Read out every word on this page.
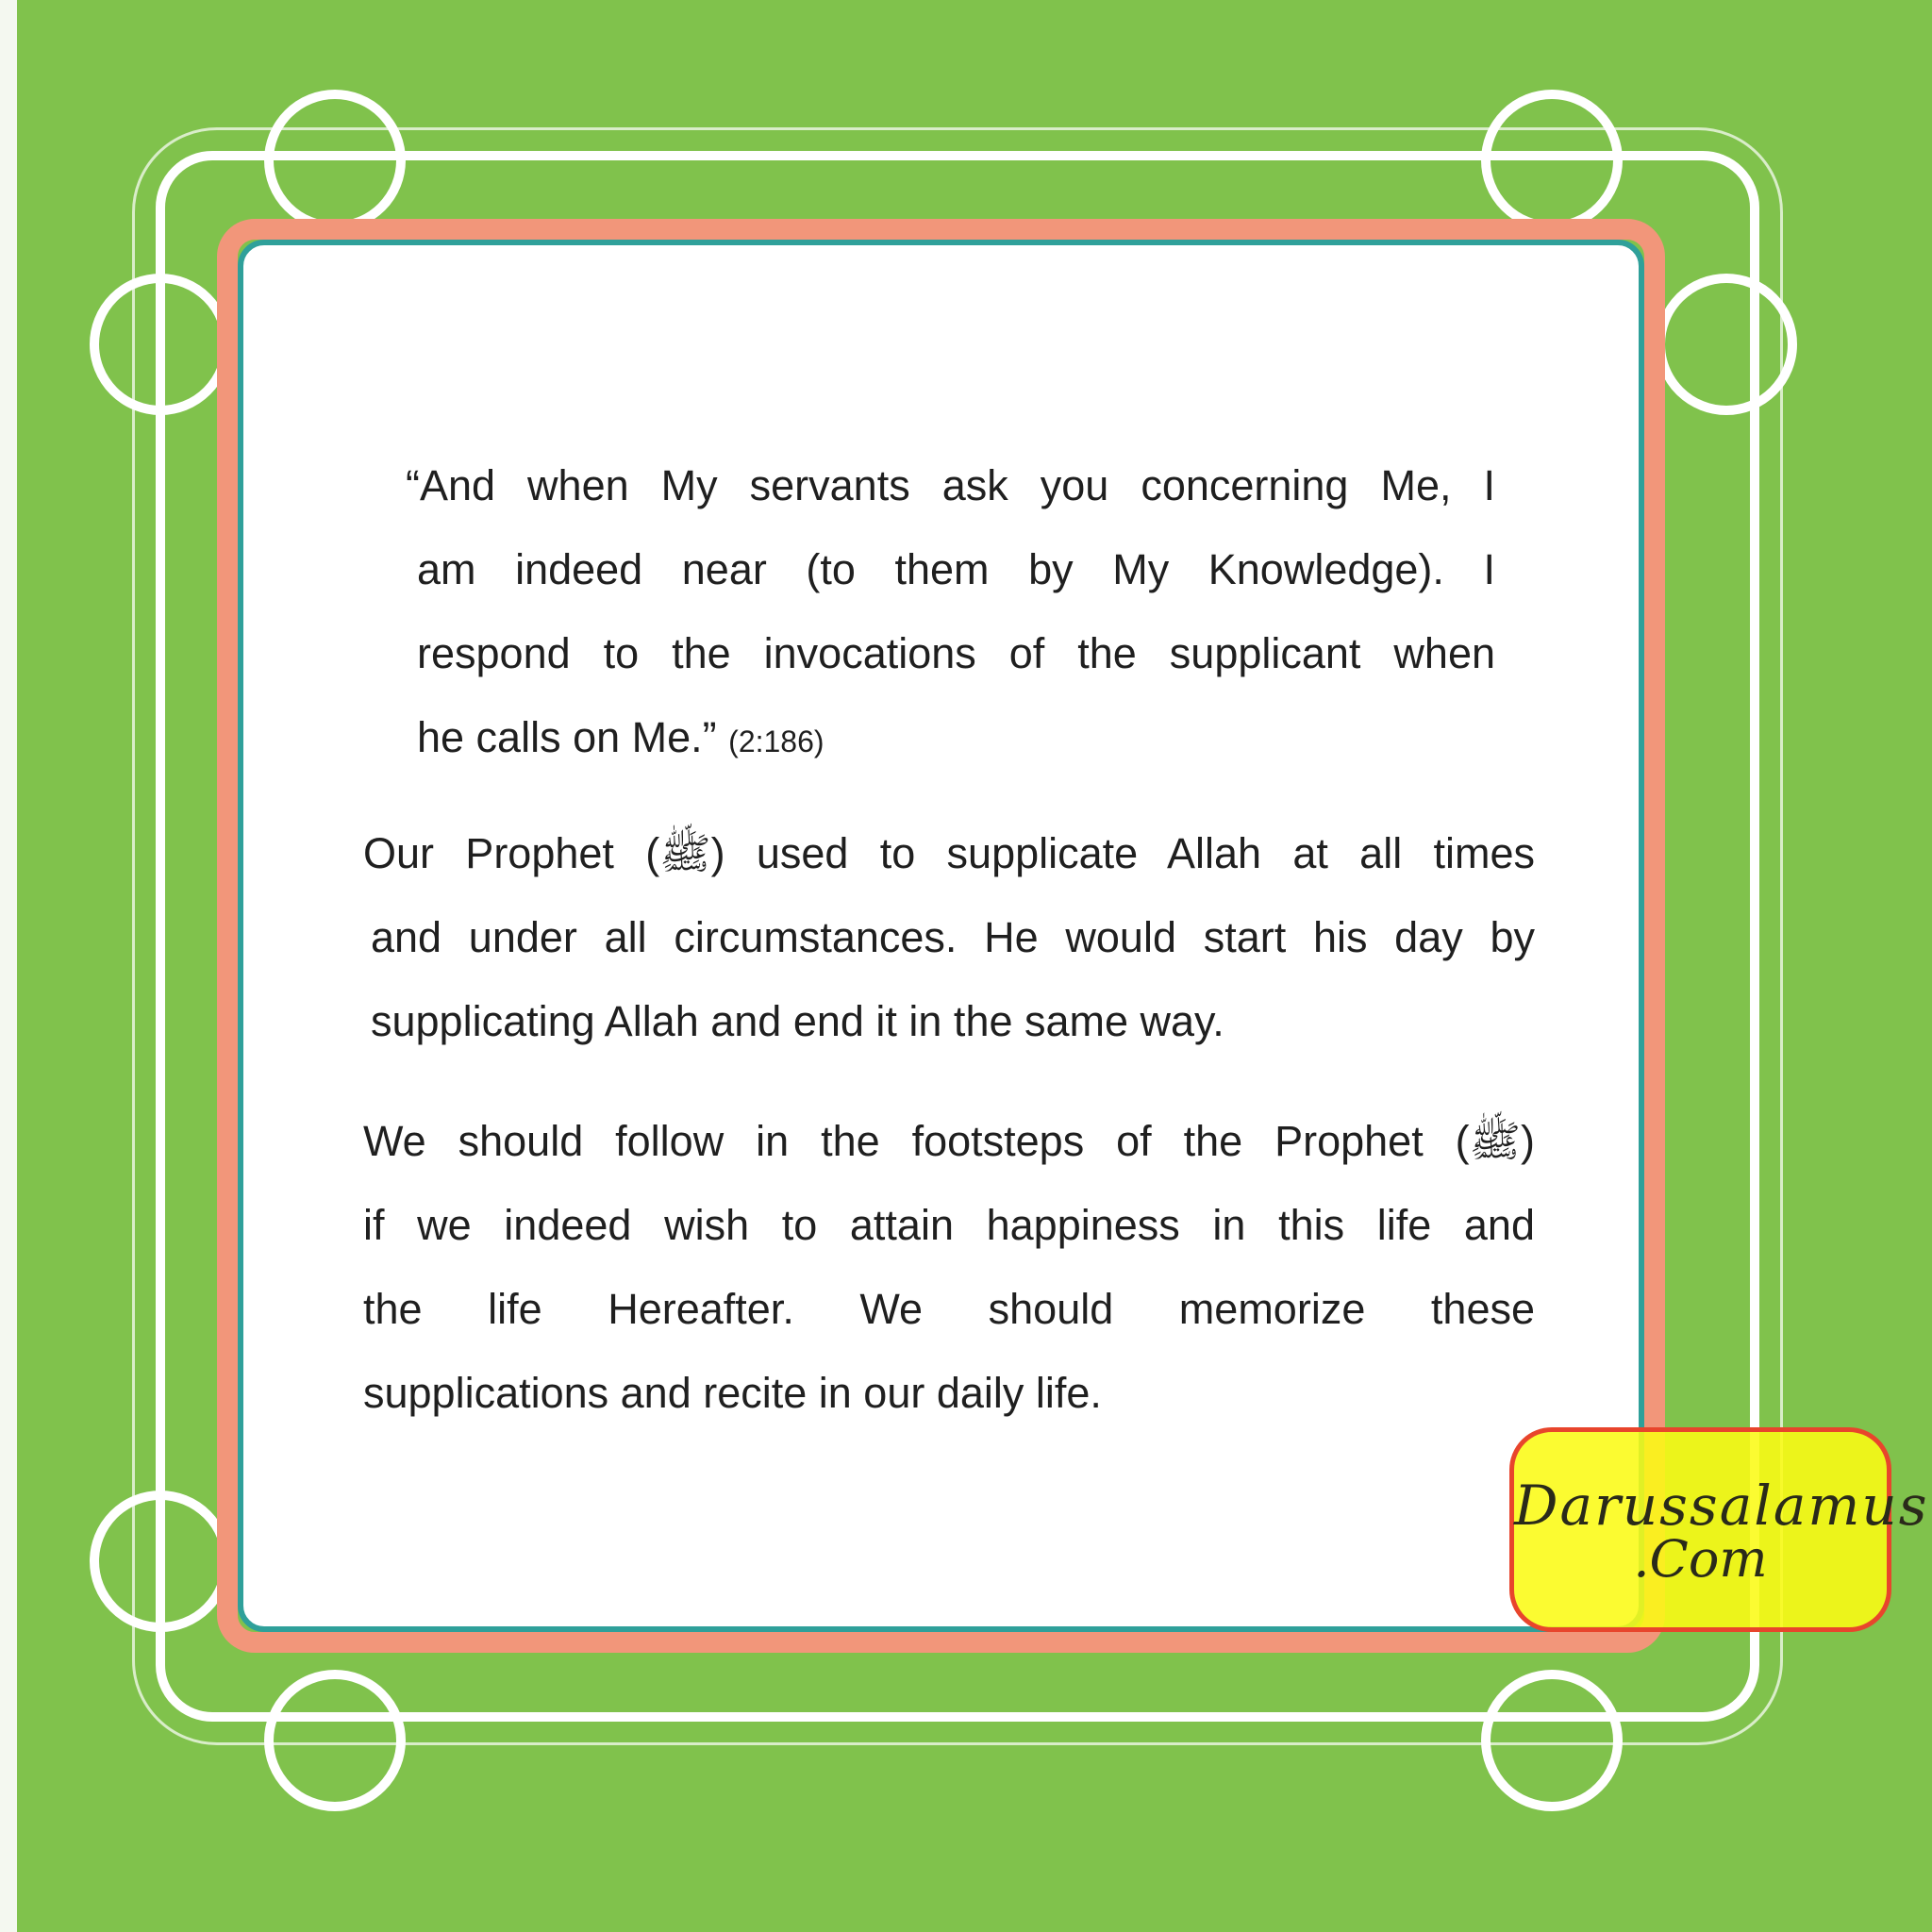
“And when My servants ask you concerning Me, I
am indeed near (to them by My Knowledge). I
respond to the invocations of the supplicant when
he calls on Me.” (2:186)
Our Prophet (ﷺ) used to supplicate Allah at all times
and under all circumstances. He would start his day by
supplicating Allah and end it in the same way.
We should follow in the footsteps of the Prophet (ﷺ)
if we indeed wish to attain happiness in this life and
the life Hereafter. We should memorize these
supplications and recite in our daily life.
Darussalamus
.Com
